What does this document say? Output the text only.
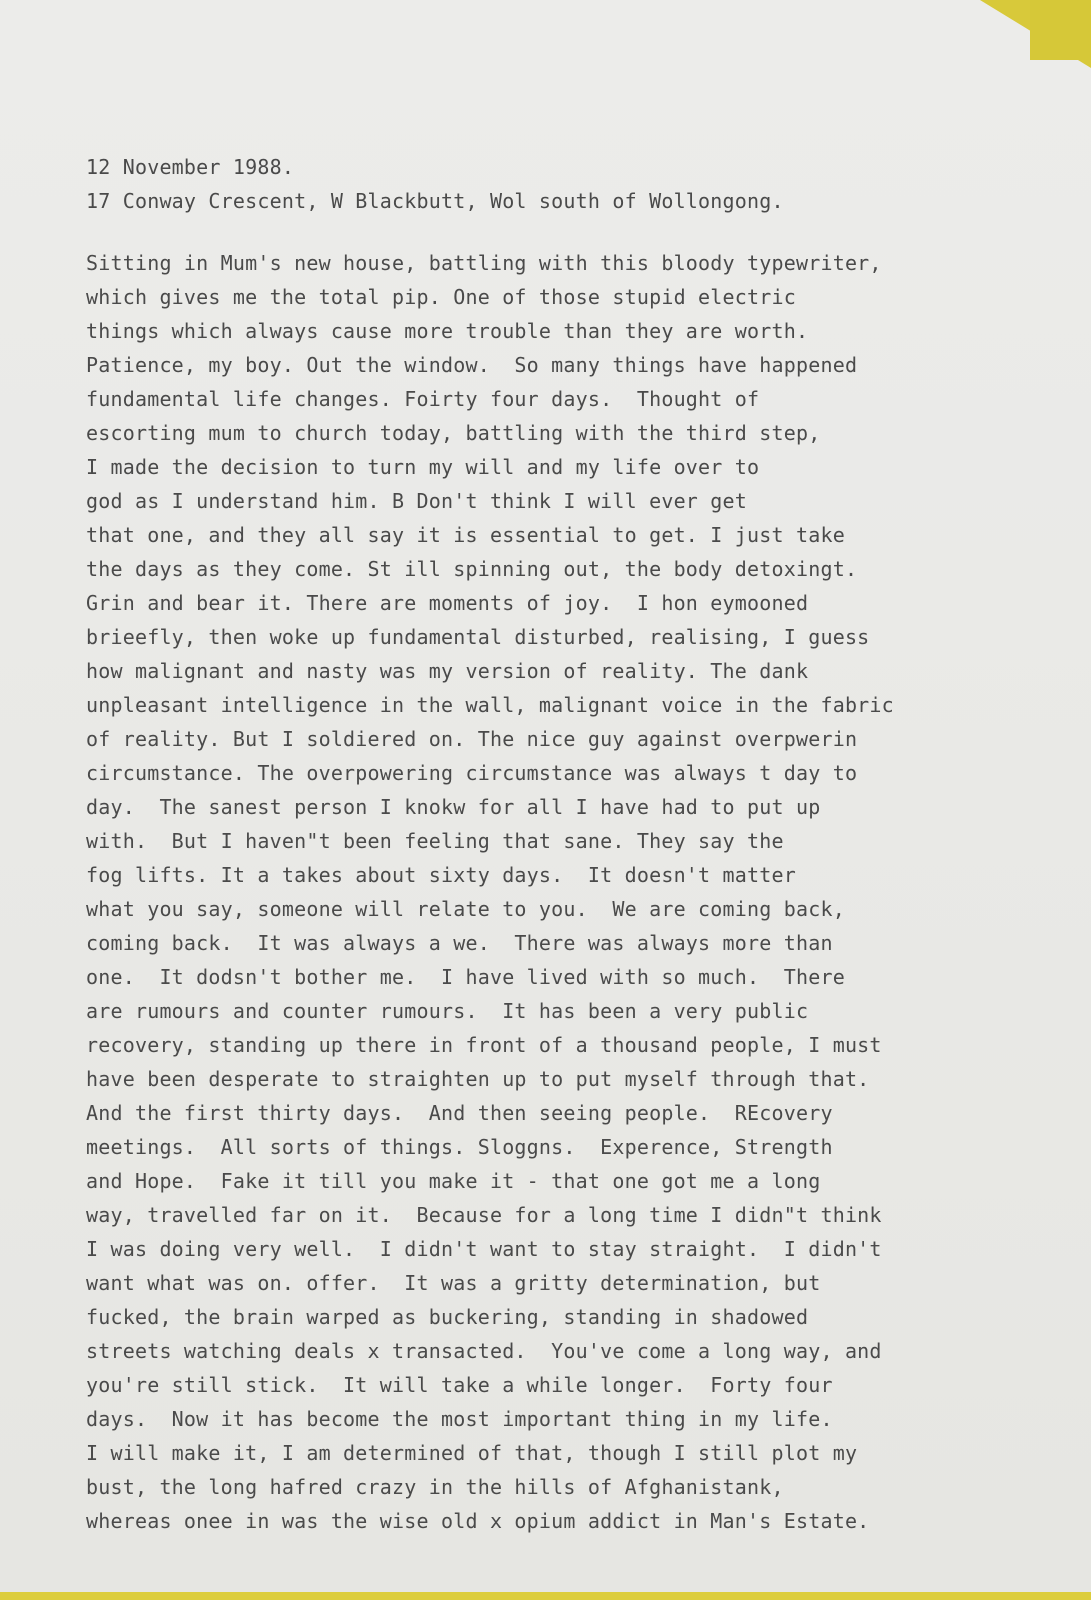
12 November 1988.
17 Conway Crescent, W Blackbutt, Wol south of Wollongong.
Sitting in Mum's new house, battling with this bloody typewriter,
which gives me the total pip. One of those stupid electric
things which always cause more trouble than they are worth.
Patience, my boy. Out the window.  So many things have happened
fundamental life changes. Foirty four days.  Thought of
escorting mum to church today, battling with the third step,
I made the decision to turn my will and my life over to
god as I understand him. B Don't think I will ever get
that one, and they all say it is essential to get. I just take
the days as they come. St ill spinning out, the body detoxingt.
Grin and bear it. There are moments of joy.  I hon eymooned
brieefly, then woke up fundamental disturbed, realising, I guess
how malignant and nasty was my version of reality. The dank
unpleasant intelligence in the wall, malignant voice in the fabric
of reality. But I soldiered on. The nice guy against overpwerin
circumstance. The overpowering circumstance was always t day to
day.  The sanest person I knokw for all I have had to put up
with.  But I haven"t been feeling that sane. They say the
fog lifts. It a takes about sixty days.  It doesn't matter
what you say, someone will relate to you.  We are coming back,
coming back.  It was always a we.  There was always more than
one.  It dodsn't bother me.  I have lived with so much.  There
are rumours and counter rumours.  It has been a very public
recovery, standing up there in front of a thousand people, I must
have been desperate to straighten up to put myself through that.
And the first thirty days.  And then seeing people.  REcovery
meetings.  All sorts of things. Sloggns.  Experence, Strength
and Hope.  Fake it till you make it - that one got me a long
way, travelled far on it.  Because for a long time I didn"t think
I was doing very well.  I didn't want to stay straight.  I didn't
want what was on. offer.  It was a gritty determination, but
fucked, the brain warped as buckering, standing in shadowed
streets watching deals x transacted.  You've come a long way, and
you're still stick.  It will take a while longer.  Forty four
days.  Now it has become the most important thing in my life.
I will make it, I am determined of that, though I still plot my
bust, the long hafred crazy in the hills of Afghanistank,
whereas onee in was the wise old x opium addict in Man's Estate.
